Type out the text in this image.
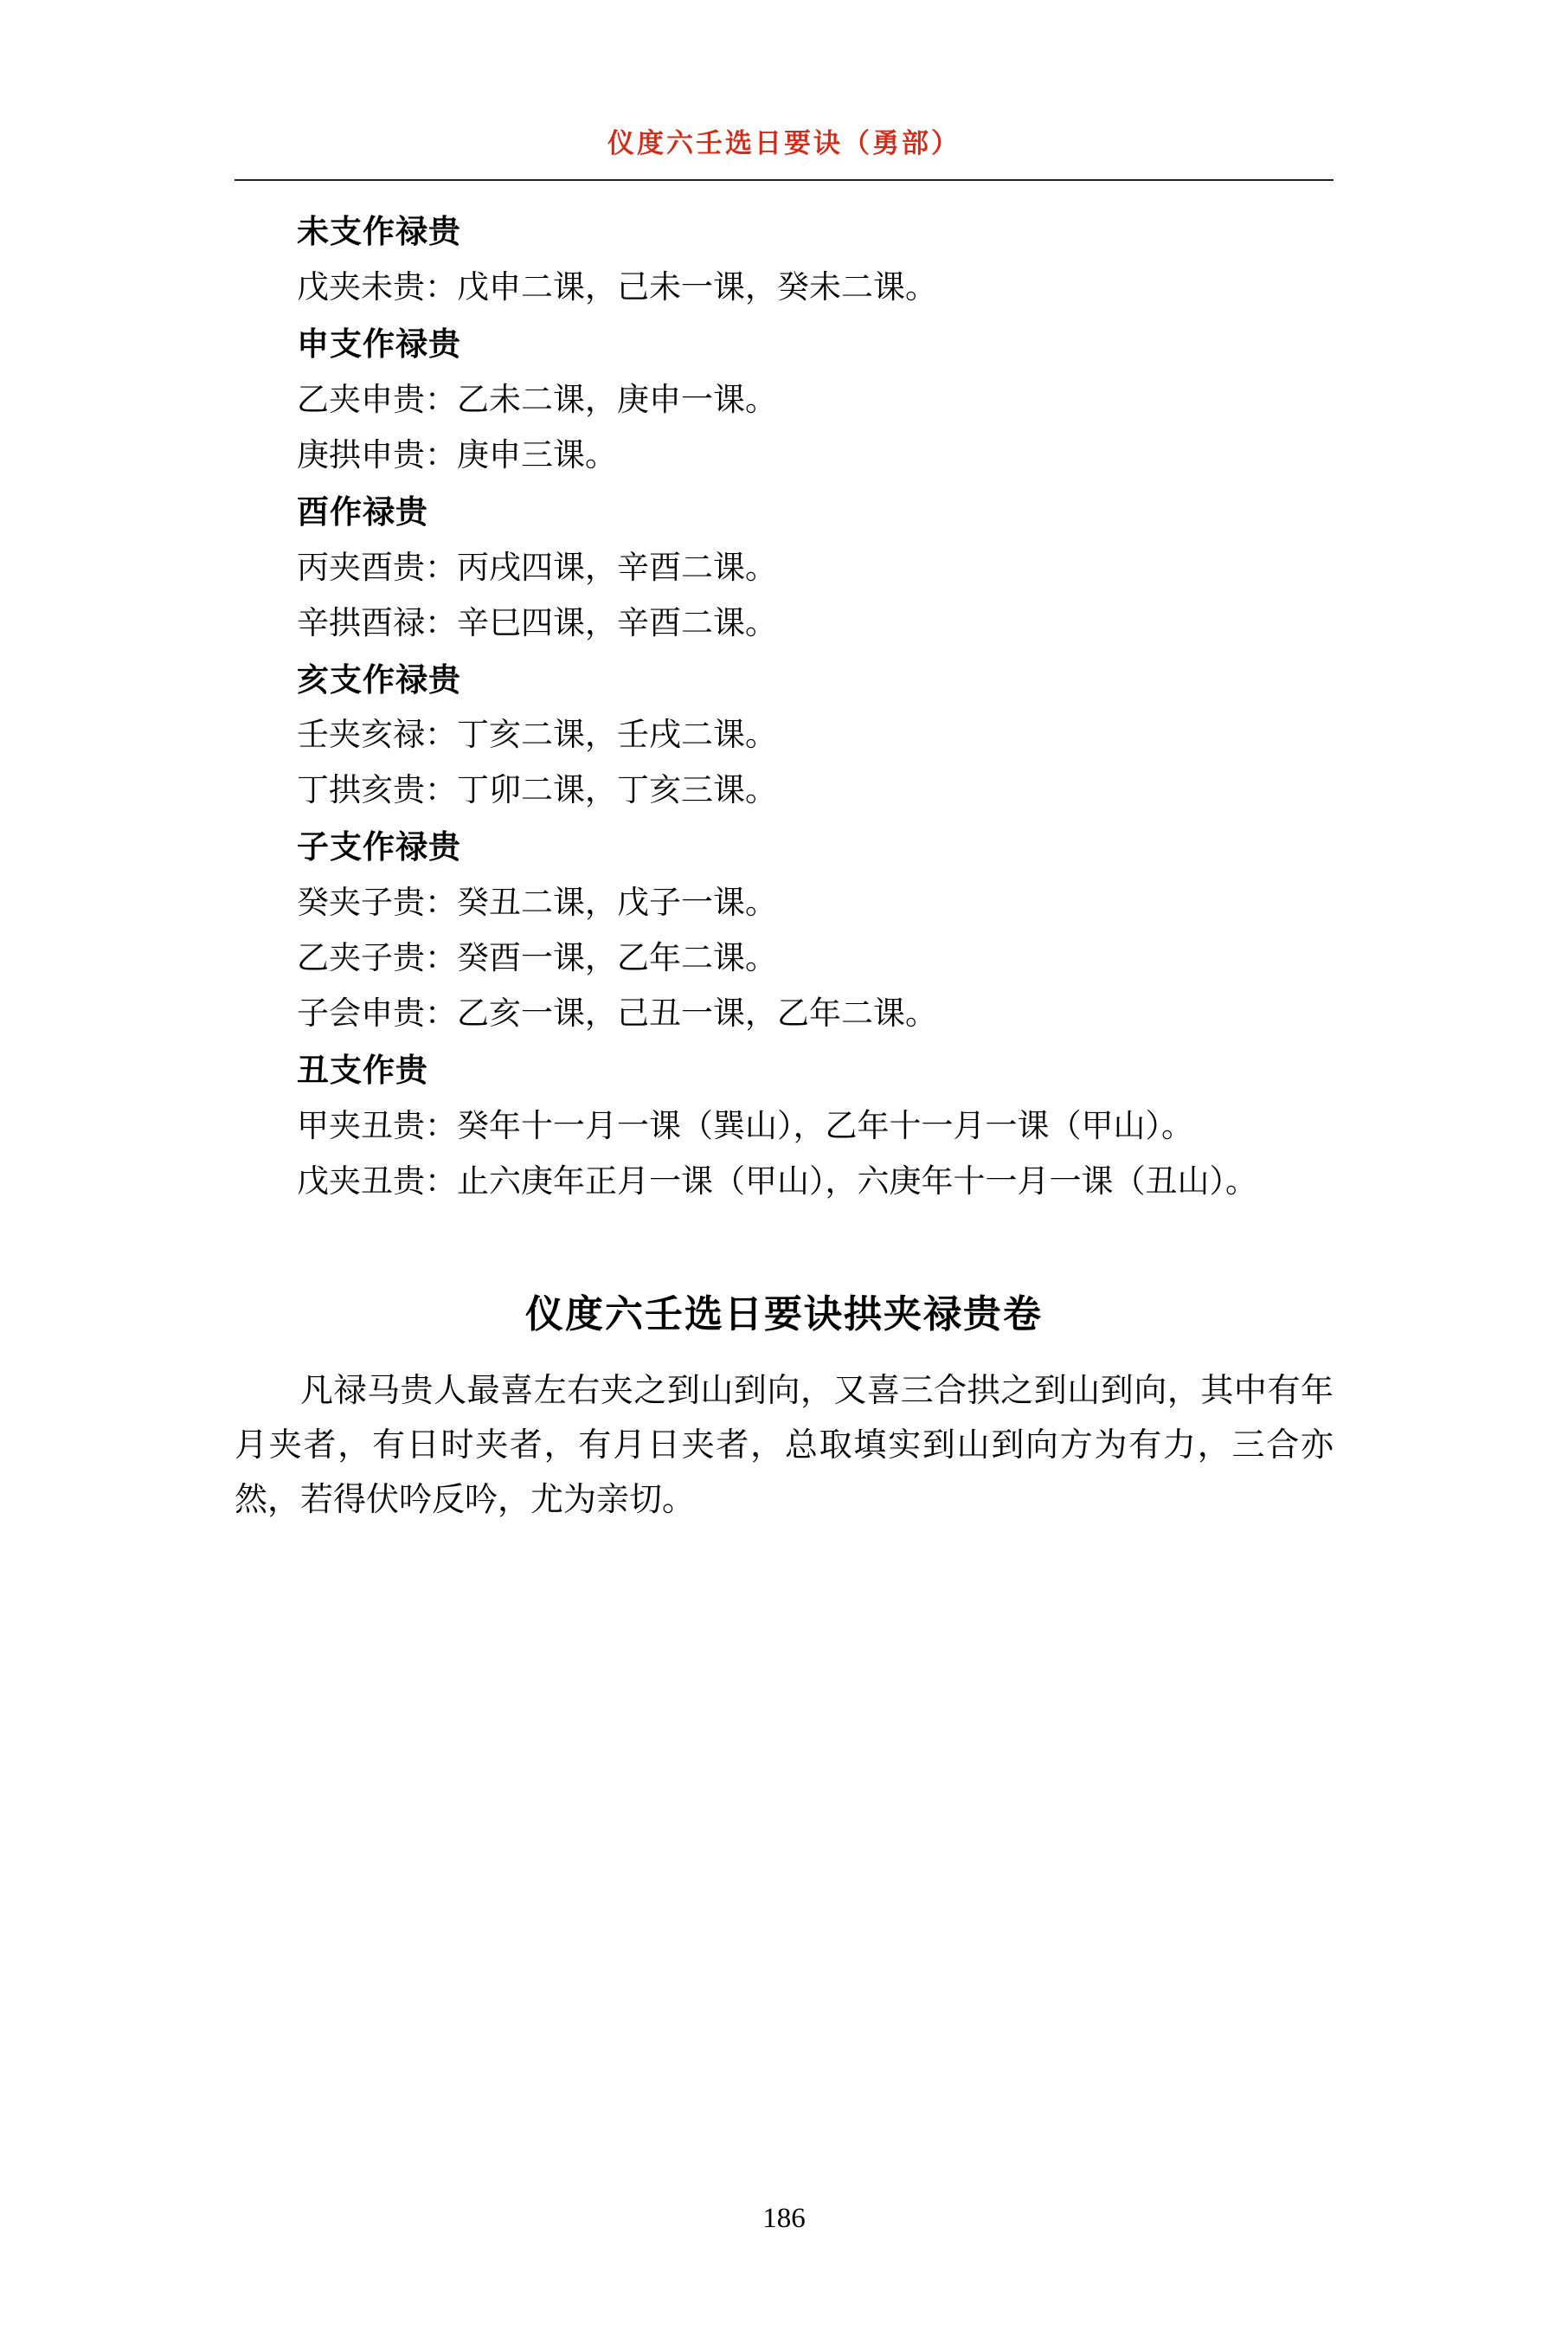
仪度六壬选日要诀（勇部）
未支作禄贵

戊夹未贵：戊申二课，己未一课，癸未二课。

申支作禄贵

乙夹申贵：乙未二课，庚申一课。

庚拱申贵：庚申三课。

酉作禄贵

丙夹酉贵：丙戌四课，辛酉二课。

辛拱酉禄：辛巳四课，辛酉二课。

亥支作禄贵

壬夹亥禄：丁亥二课，壬戌二课。

丁拱亥贵：丁卯二课，丁亥三课。

子支作禄贵

癸夹子贵：癸丑二课，戊子一课。

乙夹子贵：癸酉一课，乙年二课。

子会申贵：乙亥一课，己丑一课，乙年二课。

丑支作贵

甲夹丑贵：癸年十一月一课（巽山），乙年十一月一课（甲山）。

戊夹丑贵：止六庚年正月一课（甲山），六庚年十一月一课（丑山）。

仪度六壬选日要诀拱夹禄贵卷

凡禄马贵人最喜左右夹之到山到向，又喜三合拱之到山到向，其中有年月夹者，有日时夹者，有月日夹者，总取填实到山到向方为有力，三合亦然，若得伏吟反吟，尤为亲切。

186
